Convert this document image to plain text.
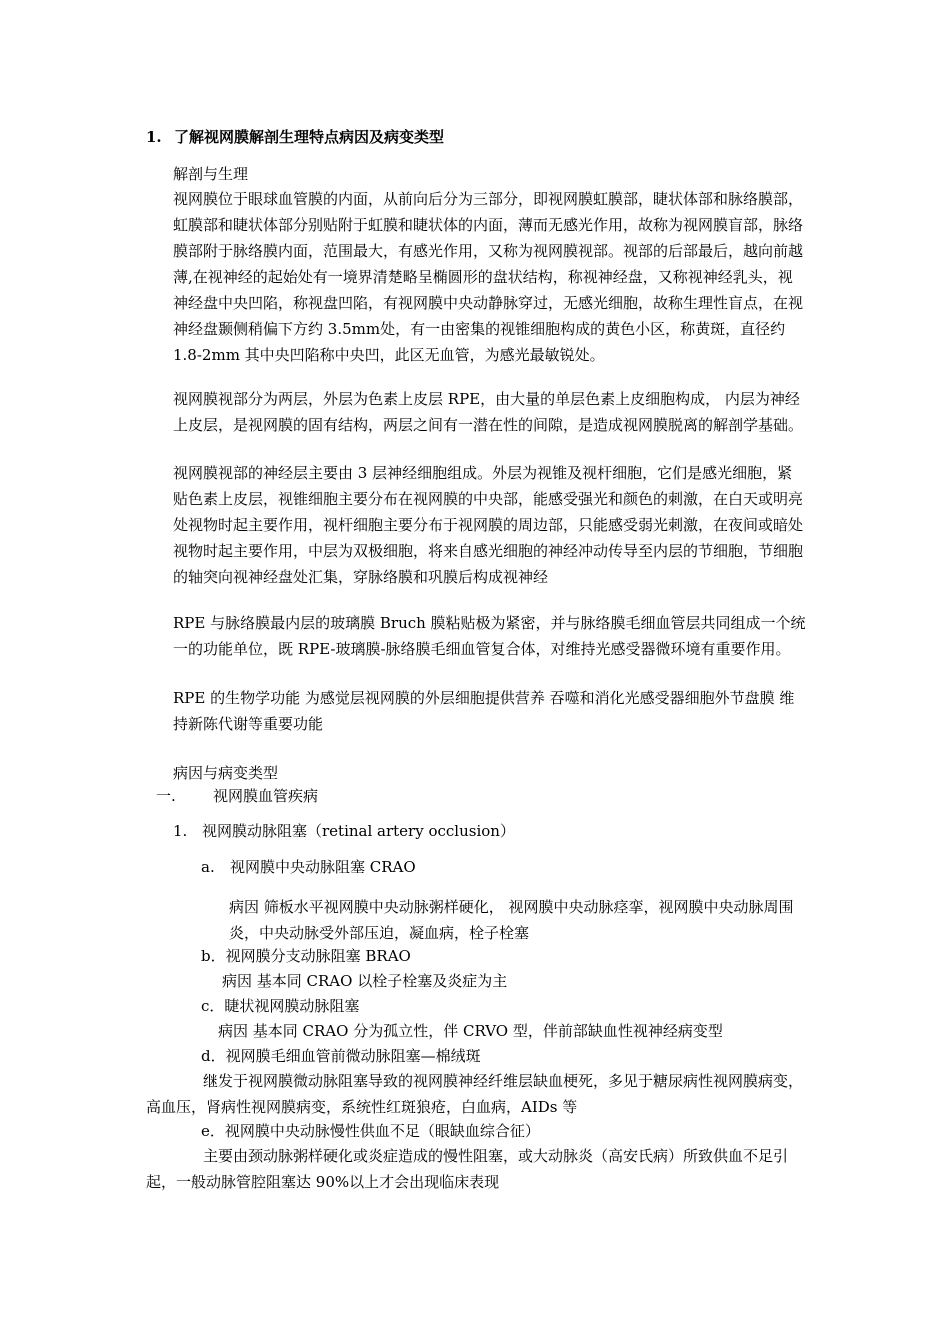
1. 了解视网膜解剖生理特点病因及病变类型
解剖与生理
视网膜位于眼球血管膜的内面，从前向后分为三部分，即视网膜虹膜部，睫状体部和脉络膜部，虹膜部和睫状体部分别贴附于虹膜和睫状体的内面，薄而无感光作用，故称为视网膜盲部，脉络膜部附于脉络膜内面，范围最大，有感光作用，又称为视网膜视部。视部的后部最后，越向前越薄,在视神经的起始处有一境界清楚略呈椭圆形的盘状结构，称视神经盘，又称视神经乳头，视神经盘中央凹陷，称视盘凹陷，有视网膜中央动静脉穿过，无感光细胞，故称生理性盲点，在视神经盘颞侧稍偏下方约 3.5mm处，有一由密集的视锥细胞构成的黄色小区，称黄斑，直径约 1.8-2mm 其中央凹陷称中央凹，此区无血管，为感光最敏锐处。
视网膜视部分为两层，外层为色素上皮层 RPE，由大量的单层色素上皮细胞构成， 内层为神经上皮层，是视网膜的固有结构，两层之间有一潜在性的间隙，是造成视网膜脱离的解剖学基础。
视网膜视部的神经层主要由 3 层神经细胞组成。外层为视锥及视杆细胞，它们是感光细胞，紧贴色素上皮层，视锥细胞主要分布在视网膜的中央部，能感受强光和颜色的刺激，在白天或明亮处视物时起主要作用，视杆细胞主要分布于视网膜的周边部，只能感受弱光刺激，在夜间或暗处视物时起主要作用，中层为双极细胞，将来自感光细胞的神经冲动传导至内层的节细胞，节细胞的轴突向视神经盘处汇集，穿脉络膜和巩膜后构成视神经
RPE 与脉络膜最内层的玻璃膜 Bruch 膜粘贴极为紧密，并与脉络膜毛细血管层共同组成一个统一的功能单位，既 RPE-玻璃膜-脉络膜毛细血管复合体，对维持光感受器微环境有重要作用。
RPE 的生物学功能 为感觉层视网膜的外层细胞提供营养 吞噬和消化光感受器细胞外节盘膜 维持新陈代谢等重要功能
病因与病变类型
一. 视网膜血管疾病
1. 视网膜动脉阻塞（retinal artery occlusion）
a. 视网膜中央动脉阻塞 CRAO
病因 筛板水平视网膜中央动脉粥样硬化， 视网膜中央动脉痉挛，视网膜中央动脉周围炎，中央动脉受外部压迫，凝血病，栓子栓塞
b．视网膜分支动脉阻塞 BRAO
病因 基本同 CRAO 以栓子栓塞及炎症为主
c．睫状视网膜动脉阻塞
病因 基本同 CRAO 分为孤立性，伴 CRVO 型，伴前部缺血性视神经病变型
d．视网膜毛细血管前微动脉阻塞—棉绒斑
继发于视网膜微动脉阻塞导致的视网膜神经纤维层缺血梗死，多见于糖尿病性视网膜病变，高血压，肾病性视网膜病变，系统性红斑狼疮，白血病，AIDs 等
e．视网膜中央动脉慢性供血不足（眼缺血综合征）
主要由颈动脉粥样硬化或炎症造成的慢性阻塞，或大动脉炎（高安氏病）所致供血不足引起，一般动脉管腔阻塞达 90%以上才会出现临床表现
